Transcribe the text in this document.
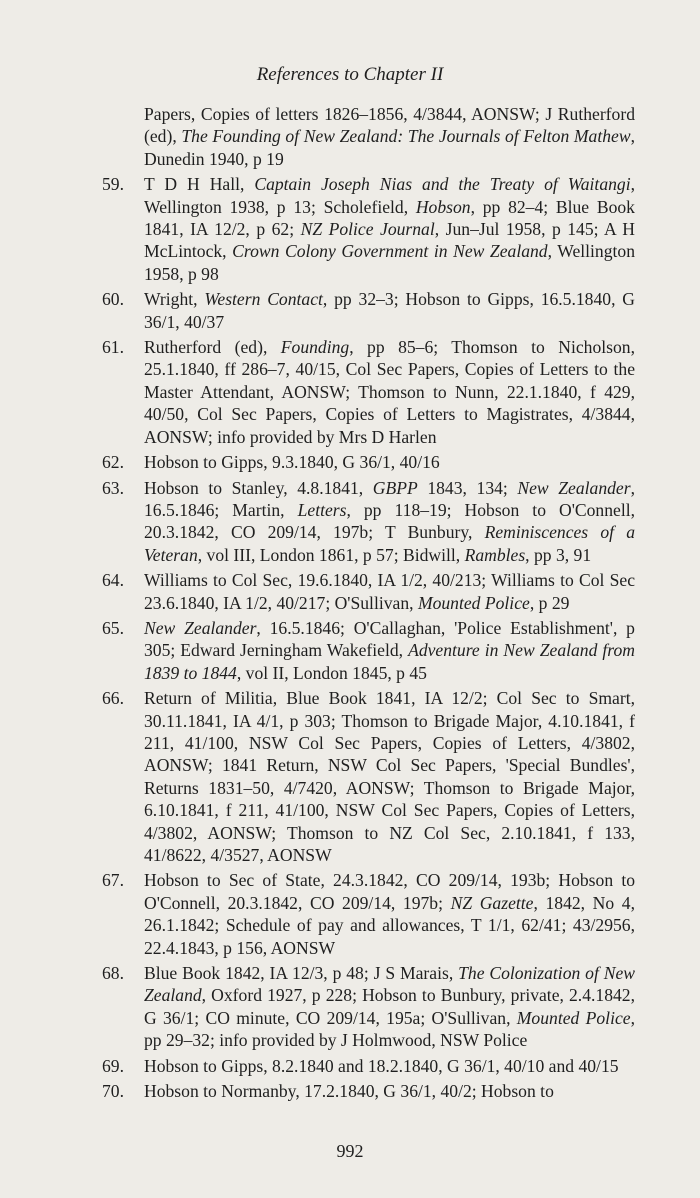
References to Chapter II
Papers, Copies of letters 1826–1856, 4/3844, AONSW; J Rutherford (ed), The Founding of New Zealand: The Journals of Felton Mathew, Dunedin 1940, p 19
59. T D H Hall, Captain Joseph Nias and the Treaty of Waitangi, Wellington 1938, p 13; Scholefield, Hobson, pp 82–4; Blue Book 1841, IA 12/2, p 62; NZ Police Journal, Jun–Jul 1958, p 145; A H McLintock, Crown Colony Government in New Zealand, Wellington 1958, p 98
60. Wright, Western Contact, pp 32–3; Hobson to Gipps, 16.5.1840, G 36/1, 40/37
61. Rutherford (ed), Founding, pp 85–6; Thomson to Nicholson, 25.1.1840, ff 286–7, 40/15, Col Sec Papers, Copies of Letters to the Master Attendant, AONSW; Thomson to Nunn, 22.1.1840, f 429, 40/50, Col Sec Papers, Copies of Letters to Magistrates, 4/3844, AONSW; info provided by Mrs D Harlen
62. Hobson to Gipps, 9.3.1840, G 36/1, 40/16
63. Hobson to Stanley, 4.8.1841, GBPP 1843, 134; New Zealander, 16.5.1846; Martin, Letters, pp 118–19; Hobson to O'Connell, 20.3.1842, CO 209/14, 197b; T Bunbury, Reminiscences of a Veteran, vol III, London 1861, p 57; Bidwill, Rambles, pp 3, 91
64. Williams to Col Sec, 19.6.1840, IA 1/2, 40/213; Williams to Col Sec 23.6.1840, IA 1/2, 40/217; O'Sullivan, Mounted Police, p 29
65. New Zealander, 16.5.1846; O'Callaghan, 'Police Establishment', p 305; Edward Jerningham Wakefield, Adventure in New Zealand from 1839 to 1844, vol II, London 1845, p 45
66. Return of Militia, Blue Book 1841, IA 12/2; Col Sec to Smart, 30.11.1841, IA 4/1, p 303; Thomson to Brigade Major, 4.10.1841, f 211, 41/100, NSW Col Sec Papers, Copies of Letters, 4/3802, AONSW; 1841 Return, NSW Col Sec Papers, 'Special Bundles', Returns 1831–50, 4/7420, AONSW; Thomson to Brigade Major, 6.10.1841, f 211, 41/100, NSW Col Sec Papers, Copies of Letters, 4/3802, AONSW; Thomson to NZ Col Sec, 2.10.1841, f 133, 41/8622, 4/3527, AONSW
67. Hobson to Sec of State, 24.3.1842, CO 209/14, 193b; Hobson to O'Connell, 20.3.1842, CO 209/14, 197b; NZ Gazette, 1842, No 4, 26.1.1842; Schedule of pay and allowances, T 1/1, 62/41; 43/2956, 22.4.1843, p 156, AONSW
68. Blue Book 1842, IA 12/3, p 48; J S Marais, The Colonization of New Zealand, Oxford 1927, p 228; Hobson to Bunbury, private, 2.4.1842, G 36/1; CO minute, CO 209/14, 195a; O'Sullivan, Mounted Police, pp 29–32; info provided by J Holmwood, NSW Police
69. Hobson to Gipps, 8.2.1840 and 18.2.1840, G 36/1, 40/10 and 40/15
70. Hobson to Normanby, 17.2.1840, G 36/1, 40/2; Hobson to
992
